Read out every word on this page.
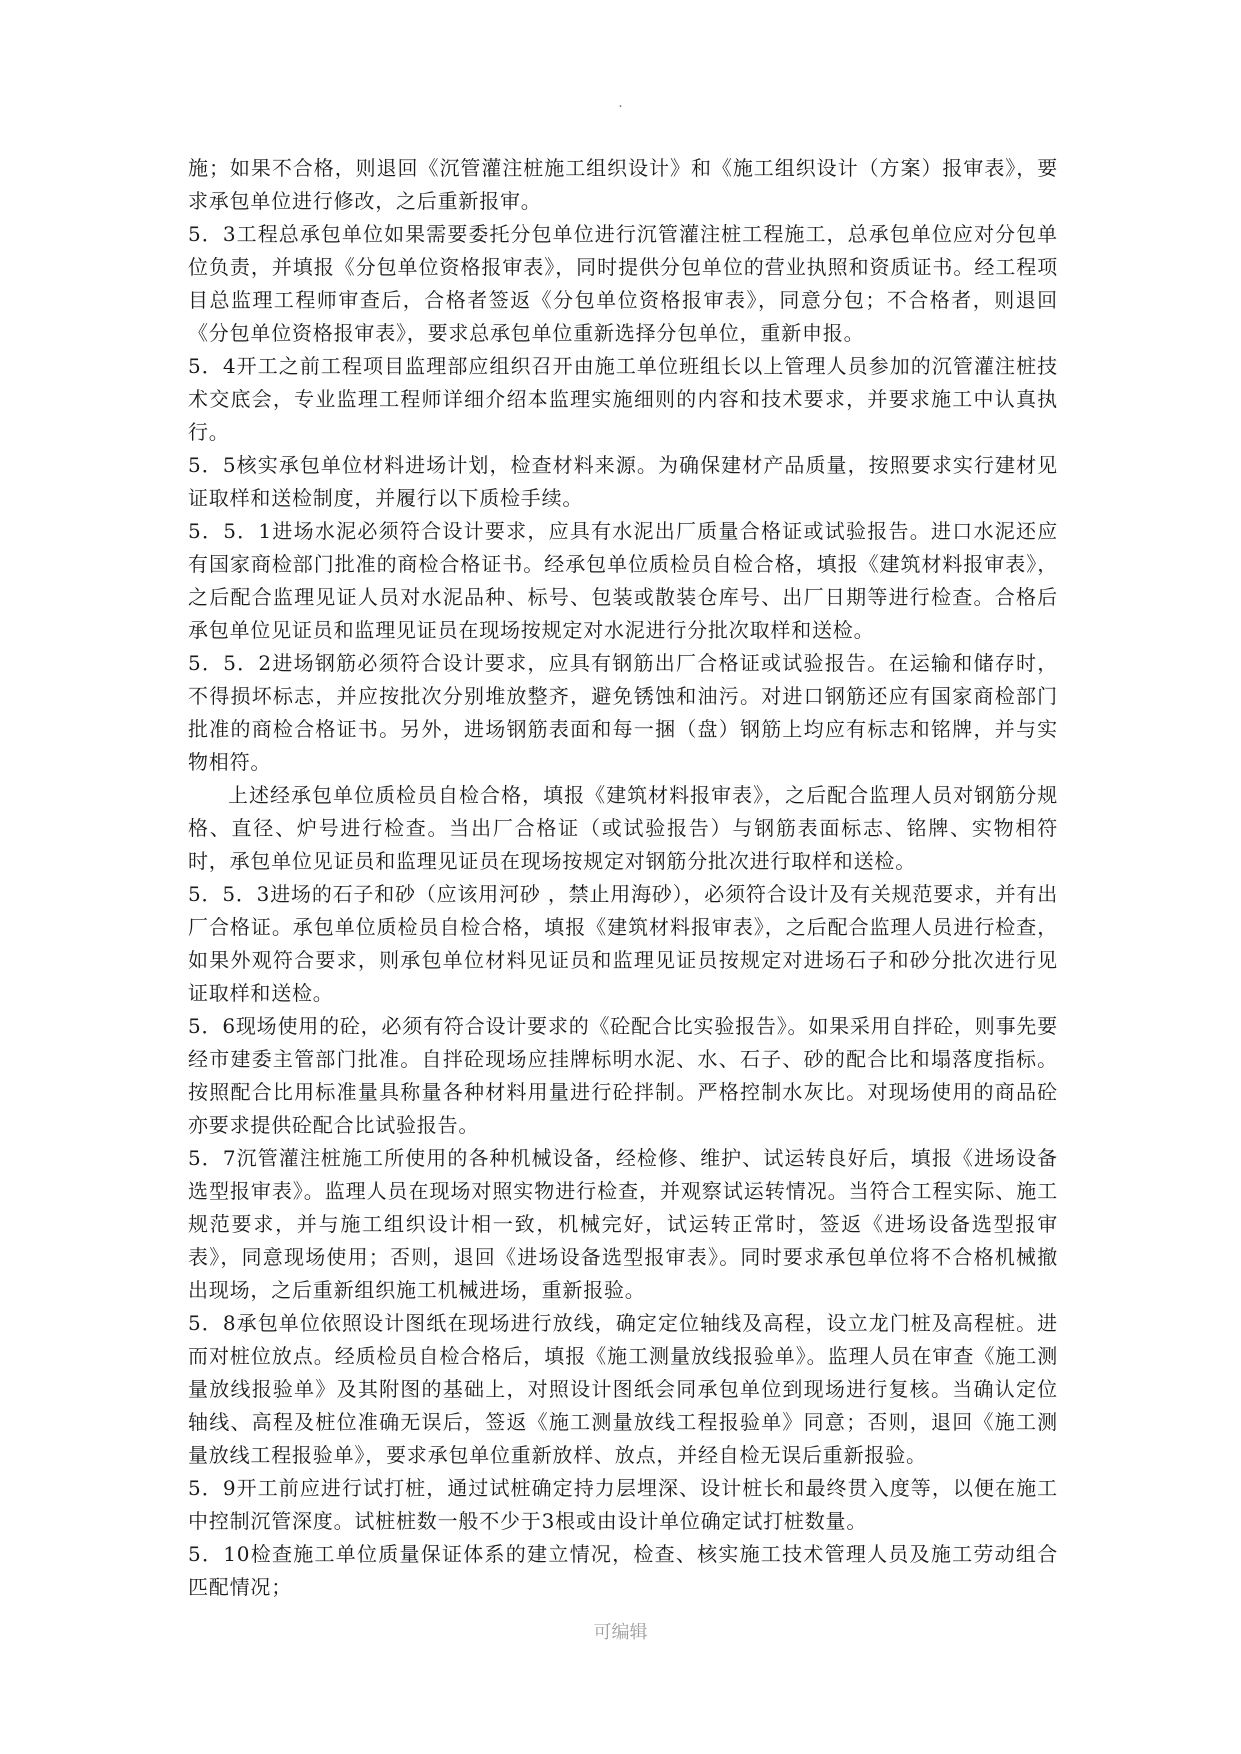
.

施；如果不合格，则退回《沉管灌注桩施工组织设计》和《施工组织设计（方案）报审表》，要求承包单位进行修改，之后重新报审。

5．3工程总承包单位如果需要委托分包单位进行沉管灌注桩工程施工，总承包单位应对分包单位负责，并填报《分包单位资格报审表》，同时提供分包单位的营业执照和资质证书。经工程项目总监理工程师审查后，合格者签返《分包单位资格报审表》，同意分包；不合格者，则退回《分包单位资格报审表》，要求总承包单位重新选择分包单位，重新申报。

5．4开工之前工程项目监理部应组织召开由施工单位班组长以上管理人员参加的沉管灌注桩技术交底会，专业监理工程师详细介绍本监理实施细则的内容和技术要求，并要求施工中认真执行。

5．5核实承包单位材料进场计划，检查材料来源。为确保建材产品质量，按照要求实行建材见证取样和送检制度，并履行以下质检手续。

5．5．1进场水泥必须符合设计要求，应具有水泥出厂质量合格证或试验报告。进口水泥还应有国家商检部门批准的商检合格证书。经承包单位质检员自检合格，填报《建筑材料报审表》，之后配合监理见证人员对水泥品种、标号、包装或散装仓库号、出厂日期等进行检查。合格后承包单位见证员和监理见证员在现场按规定对水泥进行分批次取样和送检。

5．5．2进场钢筋必须符合设计要求，应具有钢筋出厂合格证或试验报告。在运输和储存时，不得损坏标志，并应按批次分别堆放整齐，避免锈蚀和油污。对进口钢筋还应有国家商检部门批准的商检合格证书。另外，进场钢筋表面和每一捆（盘）钢筋上均应有标志和铭牌，并与实物相符。

上述经承包单位质检员自检合格，填报《建筑材料报审表》，之后配合监理人员对钢筋分规格、直径、炉号进行检查。当出厂合格证（或试验报告）与钢筋表面标志、铭牌、实物相符时，承包单位见证员和监理见证员在现场按规定对钢筋分批次进行取样和送检。

5．5．3进场的石子和砂（应该用河砂 ，禁止用海砂），必须符合设计及有关规范要求，并有出厂合格证。承包单位质检员自检合格，填报《建筑材料报审表》，之后配合监理人员进行检查，如果外观符合要求，则承包单位材料见证员和监理见证员按规定对进场石子和砂分批次进行见证取样和送检。

5．6现场使用的砼，必须有符合设计要求的《砼配合比实验报告》。如果采用自拌砼，则事先要经市建委主管部门批准。自拌砼现场应挂牌标明水泥、水、石子、砂的配合比和塌落度指标。按照配合比用标准量具称量各种材料用量进行砼拌制。严格控制水灰比。对现场使用的商品砼亦要求提供砼配合比试验报告。

5．7沉管灌注桩施工所使用的各种机械设备，经检修、维护、试运转良好后，填报《进场设备选型报审表》。监理人员在现场对照实物进行检查，并观察试运转情况。当符合工程实际、施工规范要求，并与施工组织设计相一致，机械完好，试运转正常时，签返《进场设备选型报审表》，同意现场使用；否则，退回《进场设备选型报审表》。同时要求承包单位将不合格机械撤出现场，之后重新组织施工机械进场，重新报验。

5．8承包单位依照设计图纸在现场进行放线，确定定位轴线及高程，设立龙门桩及高程桩。进而对桩位放点。经质检员自检合格后，填报《施工测量放线报验单》。监理人员在审查《施工测量放线报验单》及其附图的基础上，对照设计图纸会同承包单位到现场进行复核。当确认定位轴线、高程及桩位准确无误后，签返《施工测量放线工程报验单》同意；否则，退回《施工测量放线工程报验单》，要求承包单位重新放样、放点，并经自检无误后重新报验。

5．9开工前应进行试打桩，通过试桩确定持力层埋深、设计桩长和最终贯入度等，以便在施工中控制沉管深度。试桩桩数一般不少于3根或由设计单位确定试打桩数量。

5．10检查施工单位质量保证体系的建立情况，检查、核实施工技术管理人员及施工劳动组合匹配情况；

可编辑
